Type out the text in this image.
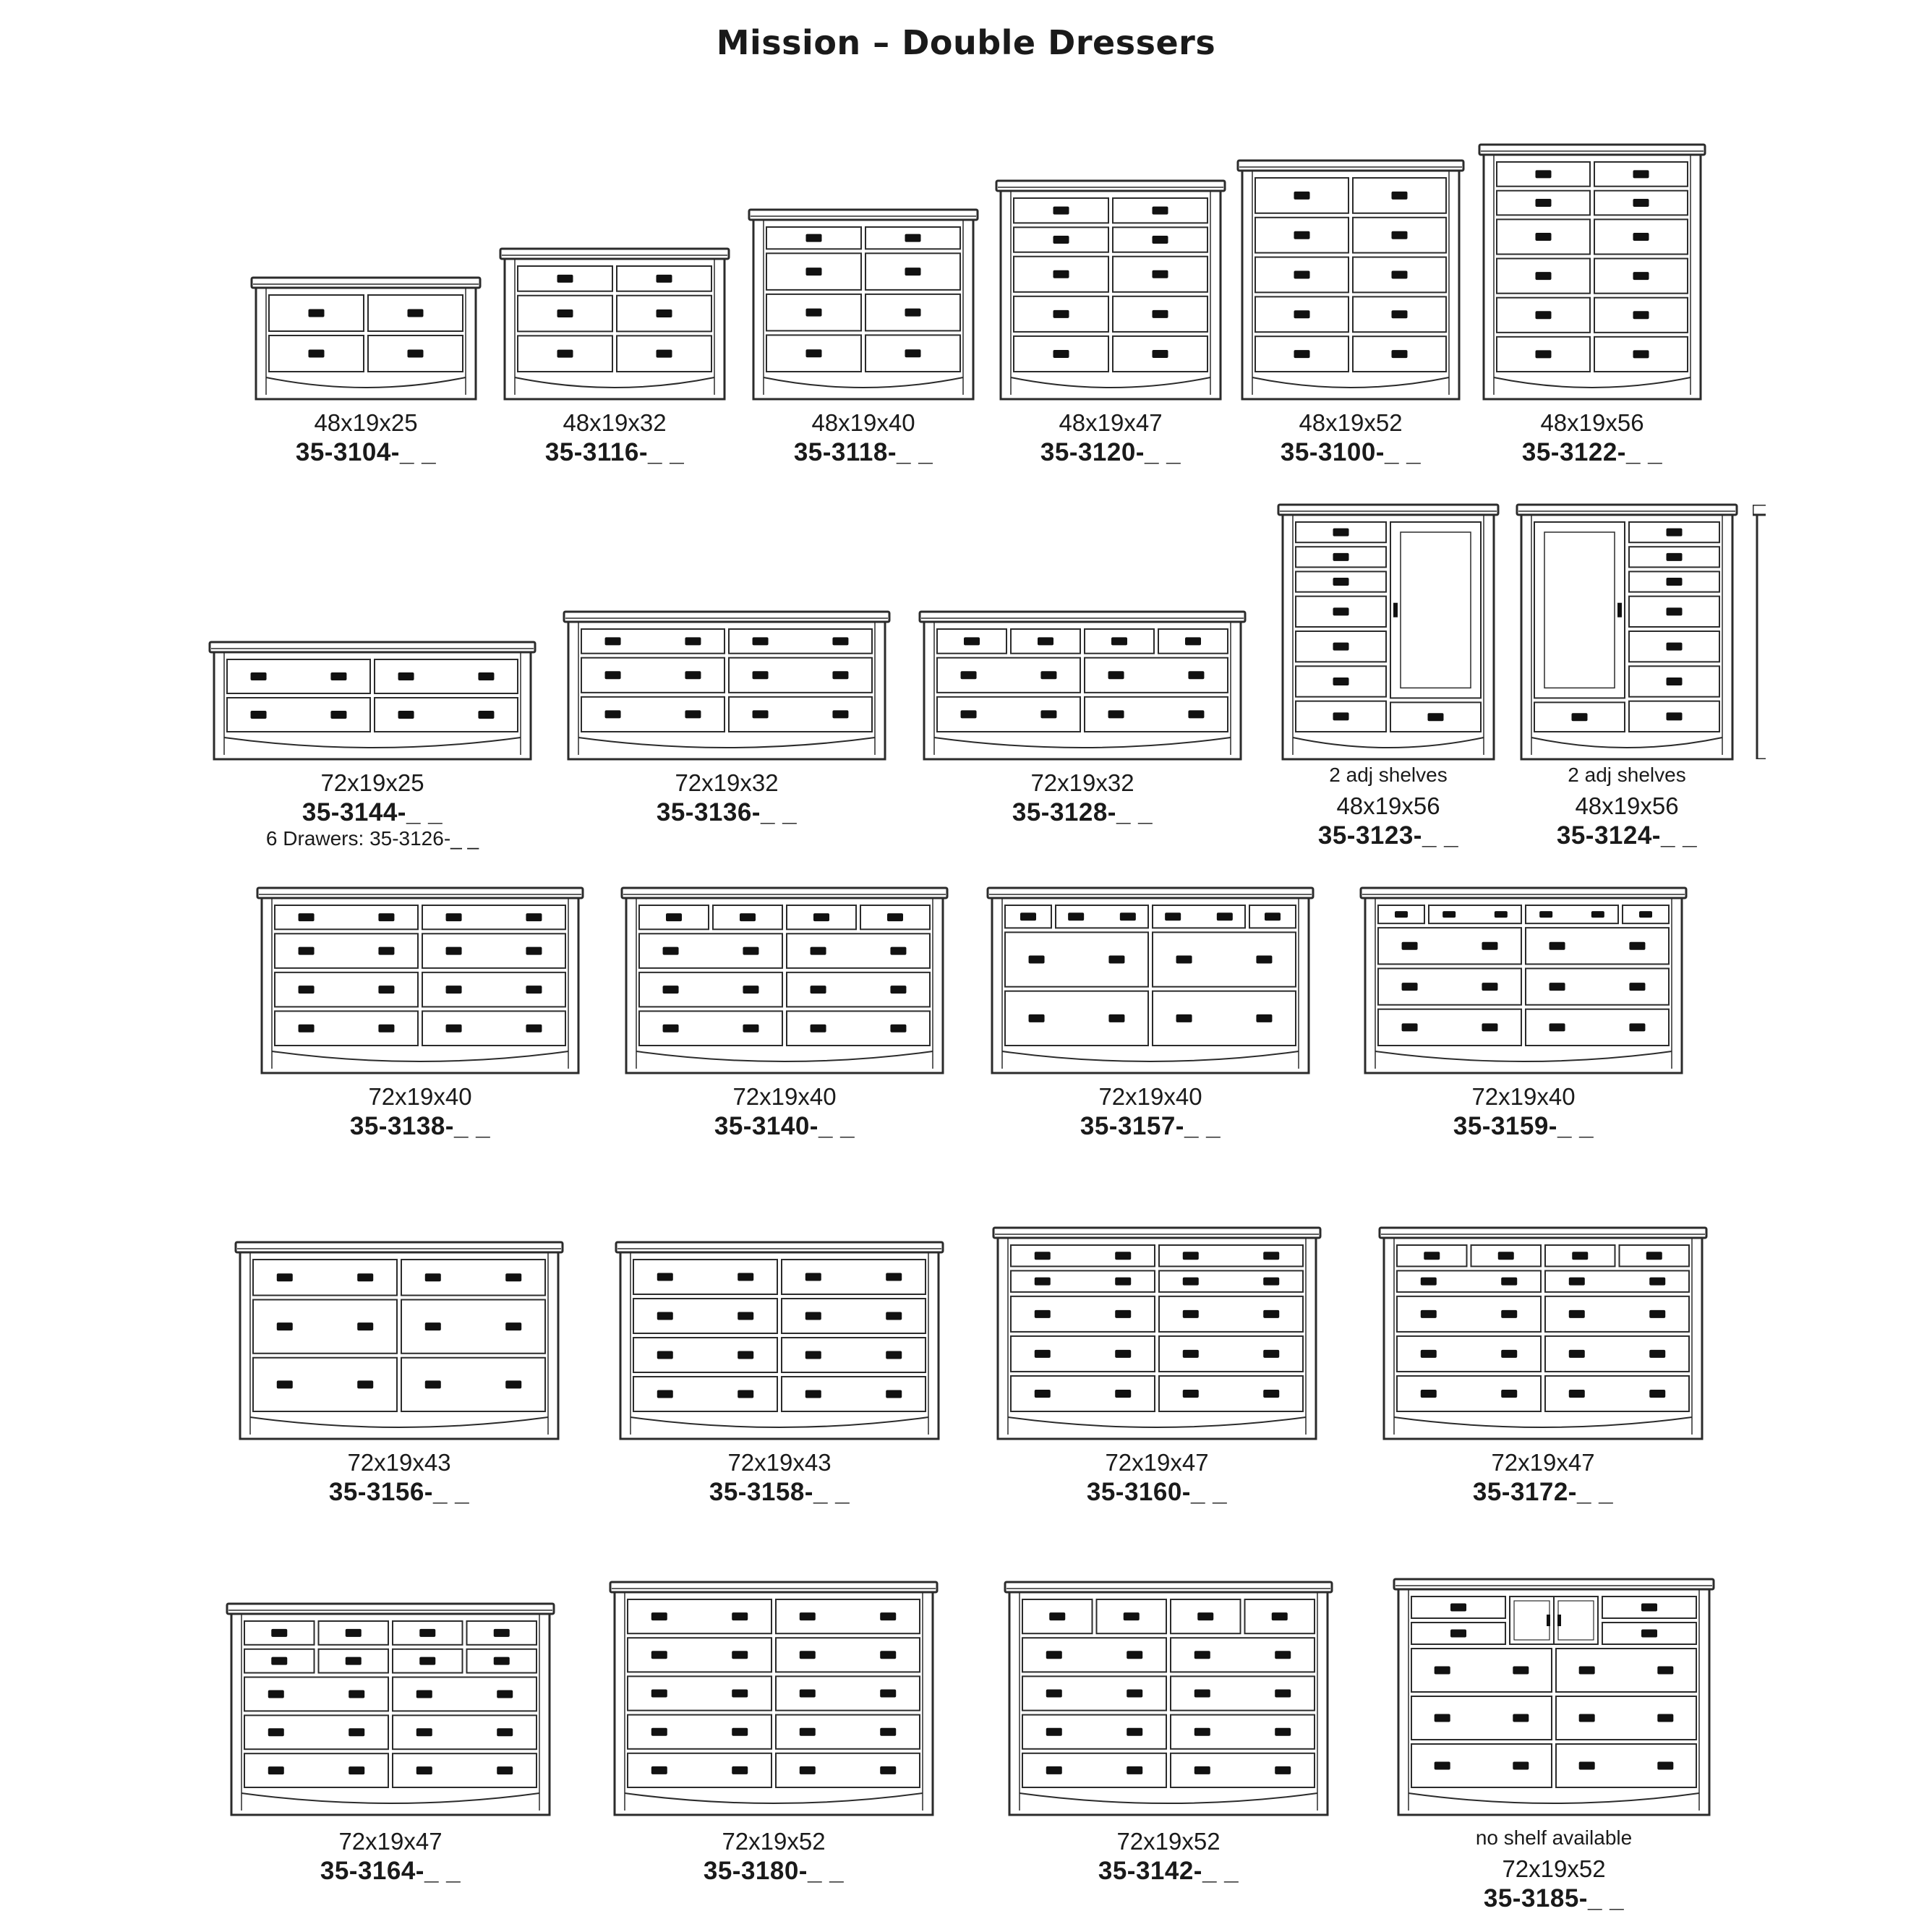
Mission – Double Dressers
48x19x25
35-3104-_ _
48x19x32
35-3116-_ _
48x19x40
35-3118-_ _
48x19x47
35-3120-_ _
48x19x52
35-3100-_ _
48x19x56
35-3122-_ _
72x19x25
35-3144-_ _
6 Drawers: 35-3126-_ _
72x19x32
35-3136-_ _
72x19x32
35-3128-_ _
2 adj shelves
48x19x56
35-3123-_ _
2 adj shelves
48x19x56
35-3124-_ _
72x19x40
35-3138-_ _
72x19x40
35-3140-_ _
72x19x40
35-3157-_ _
72x19x40
35-3159-_ _
72x19x43
35-3156-_ _
72x19x43
35-3158-_ _
72x19x47
35-3160-_ _
72x19x47
35-3172-_ _
72x19x47
35-3164-_ _
72x19x52
35-3180-_ _
72x19x52
35-3142-_ _
no shelf available
72x19x52
35-3185-_ _
